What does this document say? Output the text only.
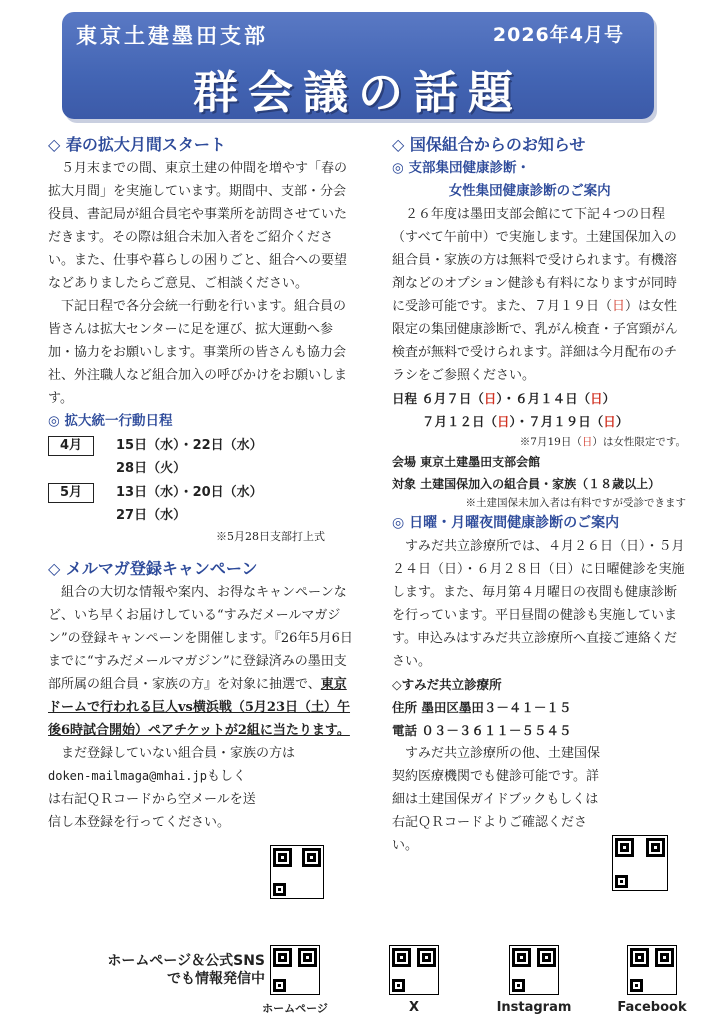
東京土建墨田支部	2026年4月号
群会議の話題
◇ 春の拡大月間スタート

５月末までの間、東京土建の仲間を増やす「春の拡大月間」を実施しています。期間中、支部・分会役員、書記局が組合員宅や事業所を訪問させていただきます。その際は組合未加入者をご紹介ください。また、仕事や暮らしの困りごと、組合への要望などありましたらご意見、ご相談ください。

下記日程で各分会統一行動を行います。組合員の皆さんは拡大センターに足を運び、拡大運動へ参加・協力をお願いします。事業所の皆さんも協力会社、外注職人など組合加入の呼びかけをお願いします。

◎ 拡大統一行動日程
4月	15日（水）・22日（水）
28日（火）
5月	13日（水）・20日（水）
27日（水）
※5月28日支部打上式
◇ メルマガ登録キャンペーン

組合の大切な情報や案内、お得なキャンペーンなど、いち早くお届けしている“すみだメールマガジン”の登録キャンペーンを開催します。『26年5月6日までに“すみだメールマガジン”に登録済みの墨田支部所属の組合員・家族の方』を対象に抽選で、東京ドームで行われる巨人vs横浜戦（5月23日（土）午後6時試合開始）ペアチケットが2組に当たります。

まだ登録していない組合員・家族の方は

doken-mailmaga@mhai.jpもしくは右記ＱＲコードから空メールを送信し本登録を行ってください。
◇ 国保組合からのお知らせ
◎ 支部集団健康診断・
女性集団健康診断のご案内

２６年度は墨田支部会館にて下記４つの日程（すべて午前中）で実施します。土建国保加入の組合員・家族の方は無料で受けられます。有機溶剤などのオプション健診も有料になりますが同時に受診可能です。また、７月１９日（日）は女性限定の集団健康診断で、乳がん検査・子宮頸がん検査が無料で受けられます。詳細は今月配布のチラシをご参照ください。

日程 ６月７日（日）・６月１４日（日）
７月１２日（日）・７月１９日（日）
※7月19日（日）は女性限定です。
会場 東京土建墨田支部会館
対象 土建国保加入の組合員・家族（１８歳以上）
※土建国保未加入者は有料ですが受診できます
◎ 日曜・月曜夜間健康診断のご案内

すみだ共立診療所では、４月２６日（日）・５月２４日（日）・６月２８日（日）に日曜健診を実施します。また、毎月第４月曜日の夜間も健康診断を行っています。平日昼間の健診も実施しています。申込みはすみだ共立診療所へ直接ご連絡ください。

◇すみだ共立診療所
住所 墨田区墨田３－４１－１５
電話 ０３－３６１１－５５４５

すみだ共立診療所の他、土建国保契約医療機関でも健診可能です。詳細は土建国保ガイドブックもしくは右記ＱＲコードよりご確認ください。

ホームページ＆公式SNS
でも情報発信中
ホームページ	X	Instagram	Facebook
